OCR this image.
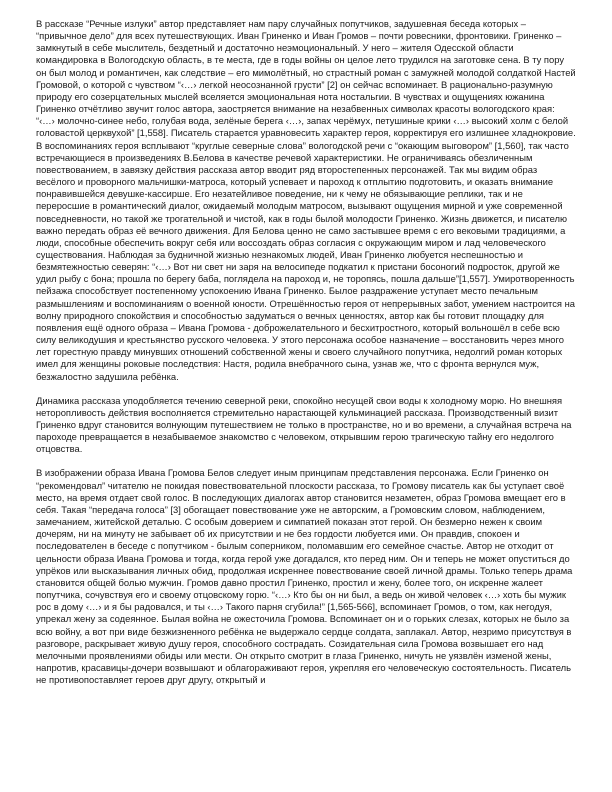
В рассказе “Речные излуки” автор представляет нам пару случайных попутчиков, задушевная беседа которых – “привычное дело” для всех путешествующих. Иван Гриненко и Иван Громов – почти ровесники, фронтовики. Гриненко – замкнутый в себе мыслитель, бездетный и достаточно неэмоциональный. У него – жителя Одесской области командировка в Вологодскую область, в те места, где в годы войны он целое лето трудился на заготовке сена. В ту пору он был молод и романтичен, как следствие – его мимолётный, но страстный роман с замужней молодой солдаткой Настей Громовой, о которой с чувством “‹…› легкой неосознанной грусти” [2] он сейчас вспоминает. В рационально-разумную природу его созерцательных мыслей вселяется эмоциональная нота ностальгии. В чувствах и ощущениях южанина Гриненко отчётливо звучит голос автора, заостряется внимание на незабвенных символах красоты вологодского края: “‹…› молочно-синее небо, голубая вода, зелёные берега ‹…›, запах черёмух, петушиные крики ‹…› высокий холм с белой головастой церквухой” [1,558]. Писатель старается уравновесить характер героя, корректируя его излишнее хладнокровие. В воспоминаниях героя всплывают “круглые северные слова” вологодской речи с “окающим выговором” [1,560], так часто встречающиеся в произведениях В.Белова в качестве речевой характеристики. Не ограничиваясь обезличенным повествованием, в завязку действия рассказа автор вводит ряд второстепенных персонажей. Так мы видим образ весёлого и проворного мальчишки-матроса, который успевает и пароход к отплытию подготовить, и оказать внимание понравившейся девушке-кассирше. Его незатейливое поведение, ни к чему не обязывающие реплики, так и не переросшие в романтический диалог, ожидаемый молодым матросом, вызывают ощущения мирной и уже современной повседневности, но такой же трогательной и чистой, как в годы былой молодости Гриненко. Жизнь движется, и писателю важно передать образ её вечного движения. Для Белова ценно не само застывшее время с его вековыми традициями, а люди, способные обеспечить вокруг себя или воссоздать образ согласия с окружающим миром и лад человеческого существования. Наблюдая за будничной жизнью незнакомых людей, Иван Гриненко любуется неспешностью и безмятежностью северян: “‹…› Вот ни свет ни заря на велосипеде подкатил к пристани босоногий подросток, другой же удил рыбу с бона; прошла по берегу баба, поглядела на пароход и, не торопясь, пошла дальше”[1,557]. Умиротворенность пейзажа способствует постепенному успокоению Ивана Гриненко. Былое раздражение уступает место печальным размышлениям и воспоминаниям о военной юности. Отрешённостью героя от непрерывных забот, умением настроится на волну природного спокойствия и способностью задуматься о вечных ценностях, автор как бы готовит площадку для появления ещё одного образа – Ивана Громова - доброжелательного и бесхитростного, который вольношёл в себе всю силу великодушия и крестьянство русского человека. У этого персонажа особое назначение – восстановить через много лет горестную правду минувших отношений собственной жены и своего случайного попутчика, недолгий роман которых имел для женщины роковые последствия: Настя, родила внебрачного сына, узнав же, что с фронта вернулся муж, безжалостно задушила ребёнка.

Динамика рассказа уподобляется течению северной реки, спокойно несущей свои воды к холодному морю. Но внешняя неторопливость действия восполняется стремительно нарастающей кульминацией рассказа. Производственный визит Гриненко вдруг становится волнующим путешествием не только в пространстве, но и во времени, а случайная встреча на пароходе превращается в незабываемое знакомство с человеком, открывшим герою трагическую тайну его недолгого отцовства.

В изображении образа Ивана Громова Белов следует иным принципам представления персонажа. Если Гриненко он “рекомендовал” читателю не покидая повествовательной плоскости рассказа, то Громову писатель как бы уступает своё место, на время отдает свой голос. В последующих диалогах автор становится незаметен, образ Громова вмещает его в себя. Такая “передача голоса” [3] обогащает повествование уже не авторским, а Громовским словом, наблюдением, замечанием, житейской деталью. С особым доверием и симпатией показан этот герой. Он безмерно нежен к своим дочерям, ни на минуту не забывает об их присутствии и не без гордости любуется ими. Он правдив, спокоен и последователен в беседе с попутчиком - былым соперником, поломавшим его семейное счастье. Автор не отходит от цельности образа Ивана Громова и тогда, когда герой уже догадался, кто перед ним. Он и теперь не может опуститься до упрёков или высказывания личных обид, продолжая искреннее повествование своей личной драмы. Только теперь драма становится общей болью мужчин. Громов давно простил Гриненко, простил и жену, более того, он искренне жалеет попутчика, сочувствуя его и своему отцовскому горю. “‹…› Кто бы он ни был, а ведь он живой человек ‹…› хоть бы мужик рос в дому ‹…› и я бы радовался, и ты ‹…› Такого парня сгубила!” [1,565-566], вспоминает Громов, о том, как негодуя, упрекал жену за содеянное. Былая война не ожесточила Громова. Вспоминает он и о горьких слезах, которых не было за всю войну, а вот при виде безжизненного ребёнка не выдержало сердце солдата, заплакал. Автор, незримо присутствуя в разговоре, раскрывает живую душу героя, способного сострадать. Созидательная сила Громова возвышает его над мелочными проявлениями обиды или мести. Он открыто смотрит в глаза Гриненко, ничуть не уязвлён изменой жены, напротив, красавицы-дочери возвышают и облагораживают героя, укрепляя его человеческую состоятельность. Писатель не противопоставляет героев друг другу, открытый и
